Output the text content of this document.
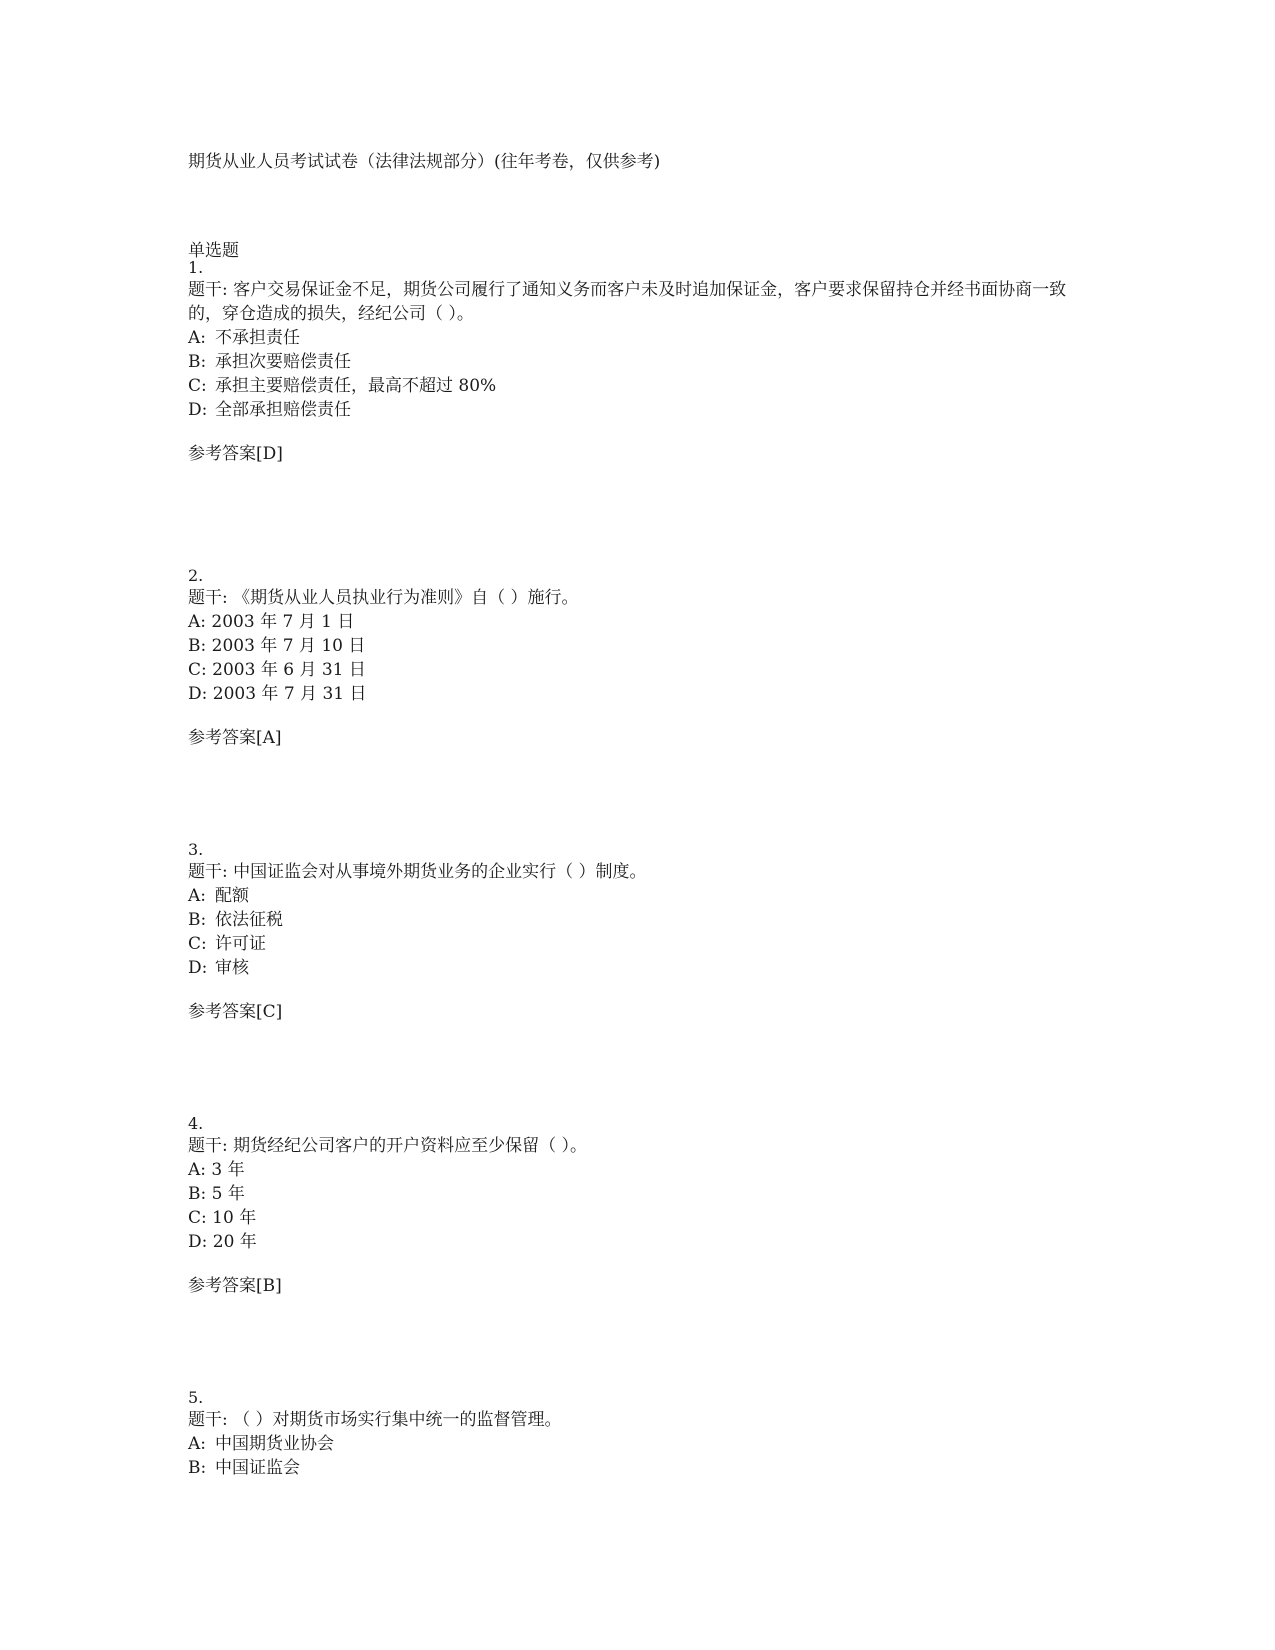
期货从业人员考试试卷（法律法规部分）(往年考卷，仅供参考)
单选题
1.
题干: 客户交易保证金不足，期货公司履行了通知义务而客户未及时追加保证金，客户要求保留持仓并经书面协商一致的，穿仓造成的损失，经纪公司（ ）。
A: 不承担责任
B: 承担次要赔偿责任
C: 承担主要赔偿责任，最高不超过 80%
D: 全部承担赔偿责任
参考答案[D]
2.
题干: 《期货从业人员执业行为准则》自（ ）施行。
A: 2003 年 7 月 1 日
B: 2003 年 7 月 10 日
C: 2003 年 6 月 31 日
D: 2003 年 7 月 31 日
参考答案[A]
3.
题干: 中国证监会对从事境外期货业务的企业实行（ ）制度。
A: 配额
B: 依法征税
C: 许可证
D: 审核
参考答案[C]
4.
题干: 期货经纪公司客户的开户资料应至少保留（ ）。
A: 3 年
B: 5 年
C: 10 年
D: 20 年
参考答案[B]
5.
题干: （ ）对期货市场实行集中统一的监督管理。
A: 中国期货业协会
B: 中国证监会
